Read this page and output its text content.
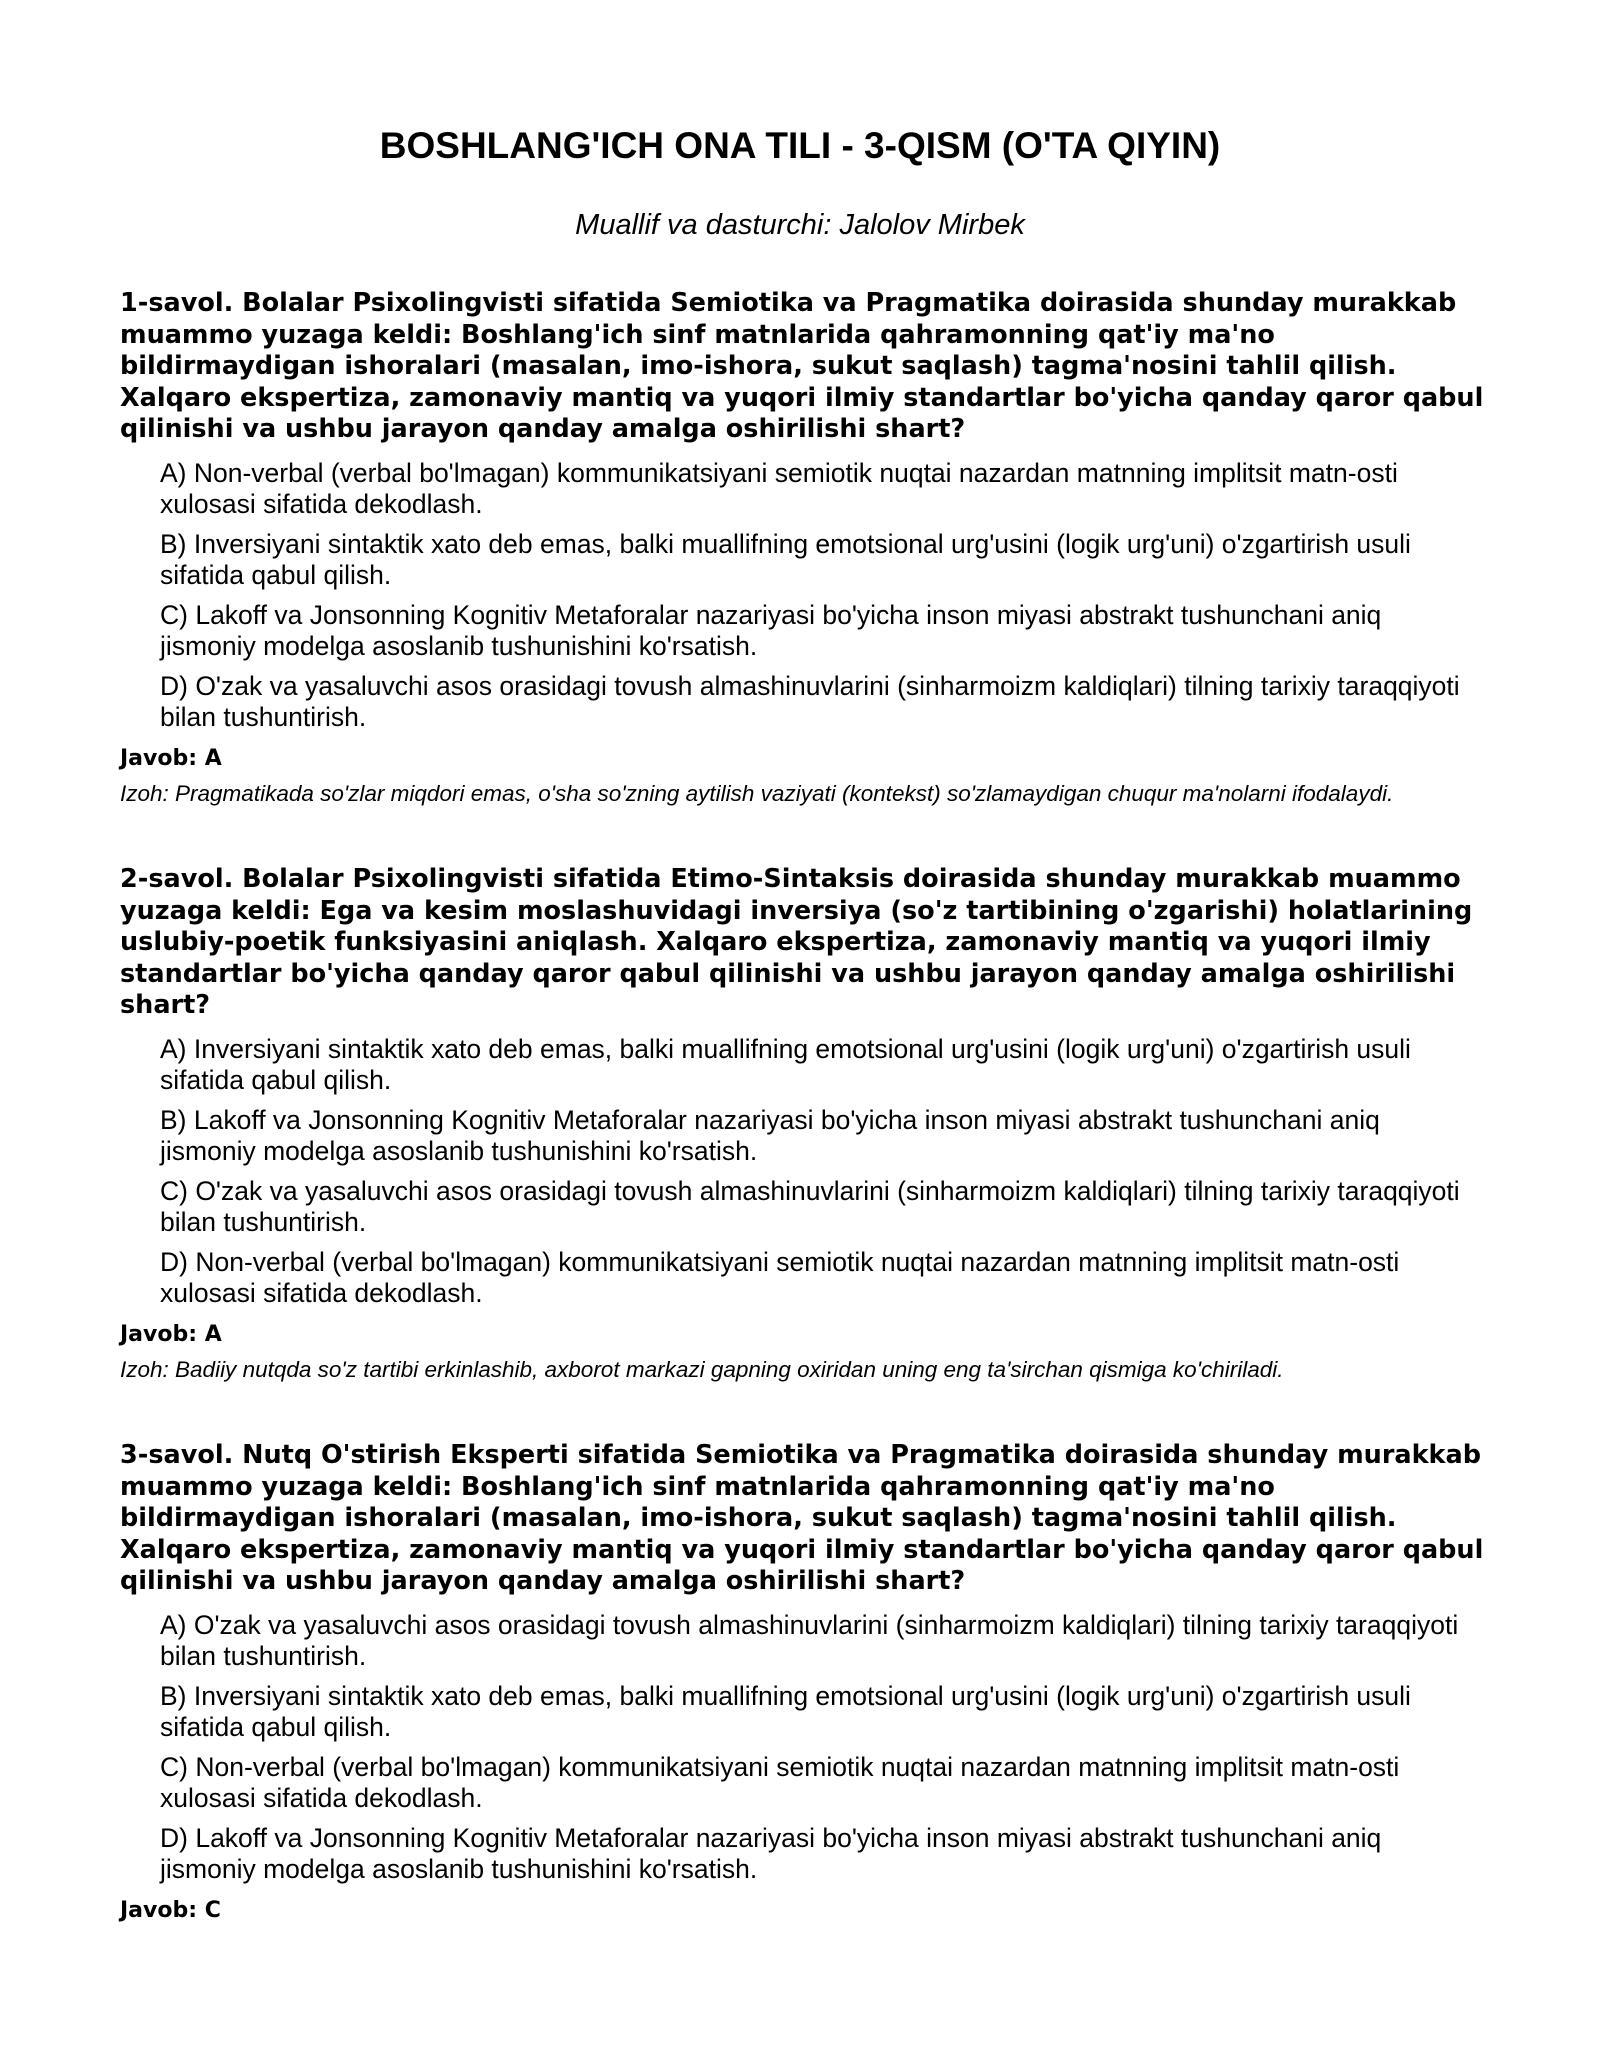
BOSHLANG'ICH ONA TILI - 3-QISM (O'TA QIYIN)
Muallif va dasturchi: Jalolov Mirbek

1-savol. Bolalar Psixolingvisti sifatida Semiotika va Pragmatika doirasida shunday murakkab muammo yuzaga keldi: Boshlang'ich sinf matnlarida qahramonning qat'iy ma'no bildirmaydigan ishoralari (masalan, imo-ishora, sukut saqlash) tagma'nosini tahlil qilish. Xalqaro ekspertiza, zamonaviy mantiq va yuqori ilmiy standartlar bo'yicha qanday qaror qabul qilinishi va ushbu jarayon qanday amalga oshirilishi shart?

A) Non-verbal (verbal bo'lmagan) kommunikatsiyani semiotik nuqtai nazardan matnning implitsit matn-osti xulosasi sifatida dekodlash.
B) Inversiyani sintaktik xato deb emas, balki muallifning emotsional urg'usini (logik urg'uni) o'zgartirish usuli sifatida qabul qilish.
C) Lakoff va Jonsonning Kognitiv Metaforalar nazariyasi bo'yicha inson miyasi abstrakt tushunchani aniq jismoniy modelga asoslanib tushunishini ko'rsatish.
D) O'zak va yasaluvchi asos orasidagi tovush almashinuvlarini (sinharmoizm kaldiqlari) tilning tarixiy taraqqiyoti bilan tushuntirish.
Javob: A

Izoh: Pragmatikada so'zlar miqdori emas, o'sha so'zning aytilish vaziyati (kontekst) so'zlamaydigan chuqur ma'nolarni ifodalaydi.

2-savol. Bolalar Psixolingvisti sifatida Etimo-Sintaksis doirasida shunday murakkab muammo yuzaga keldi: Ega va kesim moslashuvidagi inversiya (so'z tartibining o'zgarishi) holatlarining uslubiy-poetik funksiyasini aniqlash. Xalqaro ekspertiza, zamonaviy mantiq va yuqori ilmiy standartlar bo'yicha qanday qaror qabul qilinishi va ushbu jarayon qanday amalga oshirilishi shart?

A) Inversiyani sintaktik xato deb emas, balki muallifning emotsional urg'usini (logik urg'uni) o'zgartirish usuli sifatida qabul qilish.
B) Lakoff va Jonsonning Kognitiv Metaforalar nazariyasi bo'yicha inson miyasi abstrakt tushunchani aniq jismoniy modelga asoslanib tushunishini ko'rsatish.
C) O'zak va yasaluvchi asos orasidagi tovush almashinuvlarini (sinharmoizm kaldiqlari) tilning tarixiy taraqqiyoti bilan tushuntirish.
D) Non-verbal (verbal bo'lmagan) kommunikatsiyani semiotik nuqtai nazardan matnning implitsit matn-osti xulosasi sifatida dekodlash.
Javob: A

Izoh: Badiiy nutqda so'z tartibi erkinlashib, axborot markazi gapning oxiridan uning eng ta'sirchan qismiga ko'chiriladi.

3-savol. Nutq O'stirish Eksperti sifatida Semiotika va Pragmatika doirasida shunday murakkab muammo yuzaga keldi: Boshlang'ich sinf matnlarida qahramonning qat'iy ma'no bildirmaydigan ishoralari (masalan, imo-ishora, sukut saqlash) tagma'nosini tahlil qilish. Xalqaro ekspertiza, zamonaviy mantiq va yuqori ilmiy standartlar bo'yicha qanday qaror qabul qilinishi va ushbu jarayon qanday amalga oshirilishi shart?

A) O'zak va yasaluvchi asos orasidagi tovush almashinuvlarini (sinharmoizm kaldiqlari) tilning tarixiy taraqqiyoti bilan tushuntirish.
B) Inversiyani sintaktik xato deb emas, balki muallifning emotsional urg'usini (logik urg'uni) o'zgartirish usuli sifatida qabul qilish.
C) Non-verbal (verbal bo'lmagan) kommunikatsiyani semiotik nuqtai nazardan matnning implitsit matn-osti xulosasi sifatida dekodlash.
D) Lakoff va Jonsonning Kognitiv Metaforalar nazariyasi bo'yicha inson miyasi abstrakt tushunchani aniq jismoniy modelga asoslanib tushunishini ko'rsatish.
Javob: C
